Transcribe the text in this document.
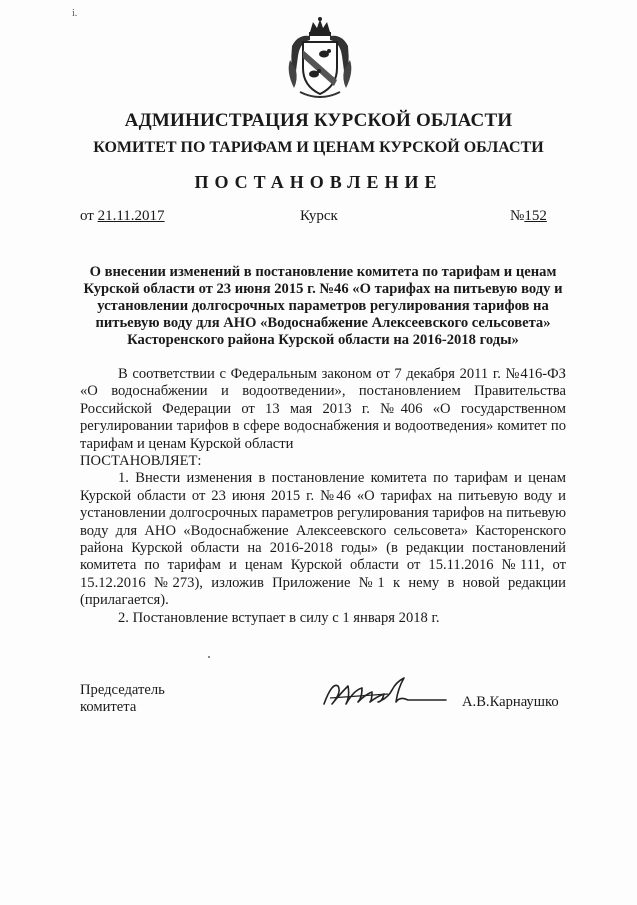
і.
АДМИНИСТРАЦИЯ КУРСКОЙ ОБЛАСТИ
КОМИТЕТ ПО ТАРИФАМ И ЦЕНАМ КУРСКОЙ ОБЛАСТИ
ПОСТАНОВЛЕНИЕ
от 21.11.2017	Курск	№152
О внесении изменений в постановление комитета по тарифам и ценам Курской области от 23 июня 2015 г. №46 «О тарифах на питьевую воду и установлении долгосрочных параметров регулирования тарифов на питьевую воду для АНО «Водоснабжение Алексеевского сельсовета» Касторенского района Курской области на 2016-2018 годы»

В соответствии с Федеральным законом от 7 декабря 2011 г. №416-ФЗ «О водоснабжении и водоотведении», постановлением Правительства Российской Федерации от 13 мая 2013 г. №406 «О государственном регулировании тарифов в сфере водоснабжения и водоотведения» комитет по тарифам и ценам Курской области

ПОСТАНОВЛЯЕТ:

1. Внести изменения в постановление комитета по тарифам и ценам Курской области от 23 июня 2015 г. №46 «О тарифах на питьевую воду и установлении долгосрочных параметров регулирования тарифов на питьевую воду для АНО «Водоснабжение Алексеевского сельсовета» Касторенского района Курской области на 2016-2018 годы» (в редакции постановлений комитета по тарифам и ценам Курской области от 15.11.2016 №111, от 15.12.2016 №273), изложив Приложение №1 к нему в новой редакции (прилагается).

2. Постановление вступает в силу с 1 января 2018 г.

Председатель
комитета	А.В.Карнаушко
